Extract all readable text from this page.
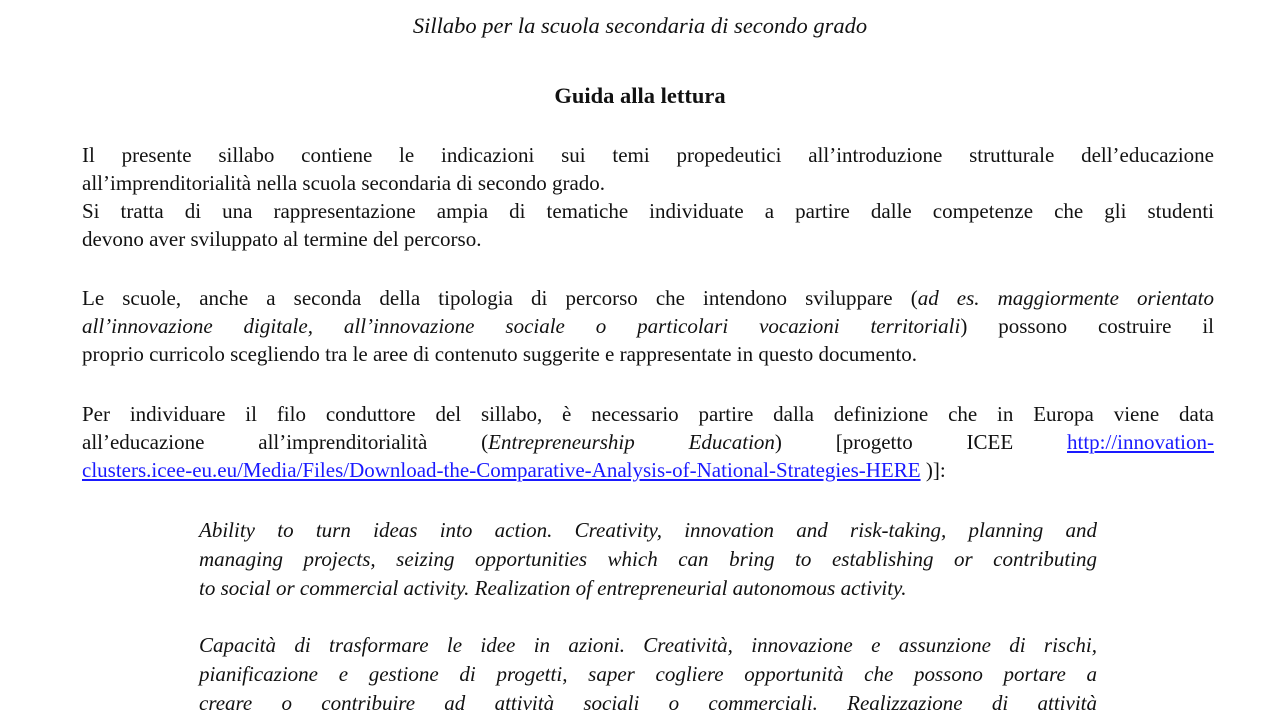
Sillabo per la scuola secondaria di secondo grado
Guida alla lettura
Il presente sillabo contiene le indicazioni sui temi propedeutici all’introduzione strutturale dell’educazione
all’imprenditorialità nella scuola secondaria di secondo grado.
Si tratta di una rappresentazione ampia di tematiche individuate a partire dalle competenze che gli studenti
devono aver sviluppato al termine del percorso.
Le scuole, anche a seconda della tipologia di percorso che intendono sviluppare (ad es. maggiormente orientato
all’innovazione digitale, all’innovazione sociale o particolari vocazioni territoriali) possono costruire il
proprio curricolo scegliendo tra le aree di contenuto suggerite e rappresentate in questo documento.
Per individuare il filo conduttore del sillabo, è necessario partire dalla definizione che in Europa viene data
all’educazione all’imprenditorialità (Entrepreneurship Education) [progetto ICEE http://innovation-
clusters.icee-eu.eu/Media/Files/Download-the-Comparative-Analysis-of-National-Strategies-HERE )]:
Ability to turn ideas into action. Creativity, innovation and risk-taking, planning and
managing projects, seizing opportunities which can bring to establishing or contributing
to social or commercial activity. Realization of entrepreneurial autonomous activity.
Capacità di trasformare le idee in azioni. Creatività, innovazione e assunzione di rischi,
pianificazione e gestione di progetti, saper cogliere opportunità che possono portare a
creare o contribuire ad attività sociali o commerciali. Realizzazione di attività
